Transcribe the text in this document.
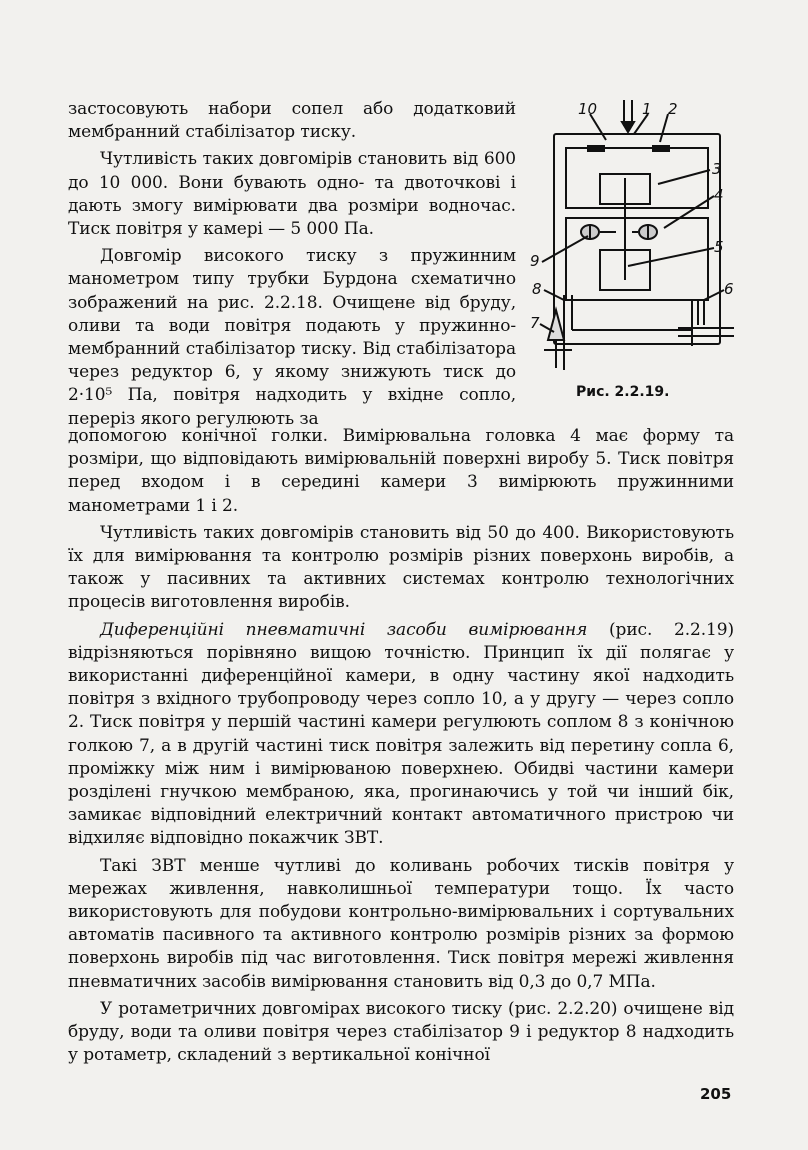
застосовують набори сопел або додатковий мембранний стабілізатор тиску.

Чутливість таких довгомірів становить від 600 до 10 000. Вони бувають одно- та двоточкові і дають змогу вимірювати два розміри водночас. Тиск повітря у камері — 5 000 Па.

Довгомір високого тиску з пружинним манометром типу трубки Бурдона схематично зображений на рис. 2.2.18. Очищене від бруду, оливи та води повітря подають у пружинно-мембранний стабілізатор тиску. Від стабілізатора через редуктор 6, у якому знижують тиск до 2·10⁵ Па, повітря надходить у вхідне сопло, переріз якого регулюють за

10	1 2
3
4
5
9
8	6
7
Рис. 2.2.19.

допомогою конічної голки. Вимірювальна головка 4 має форму та розміри, що відповідають вимірювальній поверхні виробу 5. Тиск повітря перед входом і в середині камери 3 вимірюють пружинними манометрами 1 і 2.

Чутливість таких довгомірів становить від 50 до 400. Використовують їх для вимірювання та контролю розмірів різних поверхонь виробів, а також у пасивних та активних системах контролю технологічних процесів виготовлення виробів.

Диференційні пневматичні засоби вимірювання (рис. 2.2.19) відрізняються порівняно вищою точністю. Принцип їх дії полягає у використанні диференційної камери, в одну частину якої надходить повітря з вхідного трубопроводу через сопло 10, а у другу — через сопло 2. Тиск повітря у першій частині камери регулюють соплом 8 з конічною голкою 7, а в другій частині тиск повітря залежить від перетину сопла 6, проміжку між ним і вимірюваною поверхнею. Обидві частини камери розділені гнучкою мембраною, яка, прогинаючись у той чи інший бік, замикає відповідний електричний контакт автоматичного пристрою чи відхиляє відповідно покажчик ЗВТ.

Такі ЗВТ менше чутливі до коливань робочих тисків повітря у мережах живлення, навколишньої температури тощо. Їх часто використовують для побудови контрольно-вимірювальних і сортувальних автоматів пасивного та активного контролю розмірів різних за формою поверхонь виробів під час виготовлення. Тиск повітря мережі живлення пневматичних засобів вимірювання становить від 0,3 до 0,7 МПа.

У ротаметричних довгомірах високого тиску (рис. 2.2.20) очищене від бруду, води та оливи повітря через стабілізатор 9 і редуктор 8 надходить у ротаметр, складений з вертикальної конічної

205
